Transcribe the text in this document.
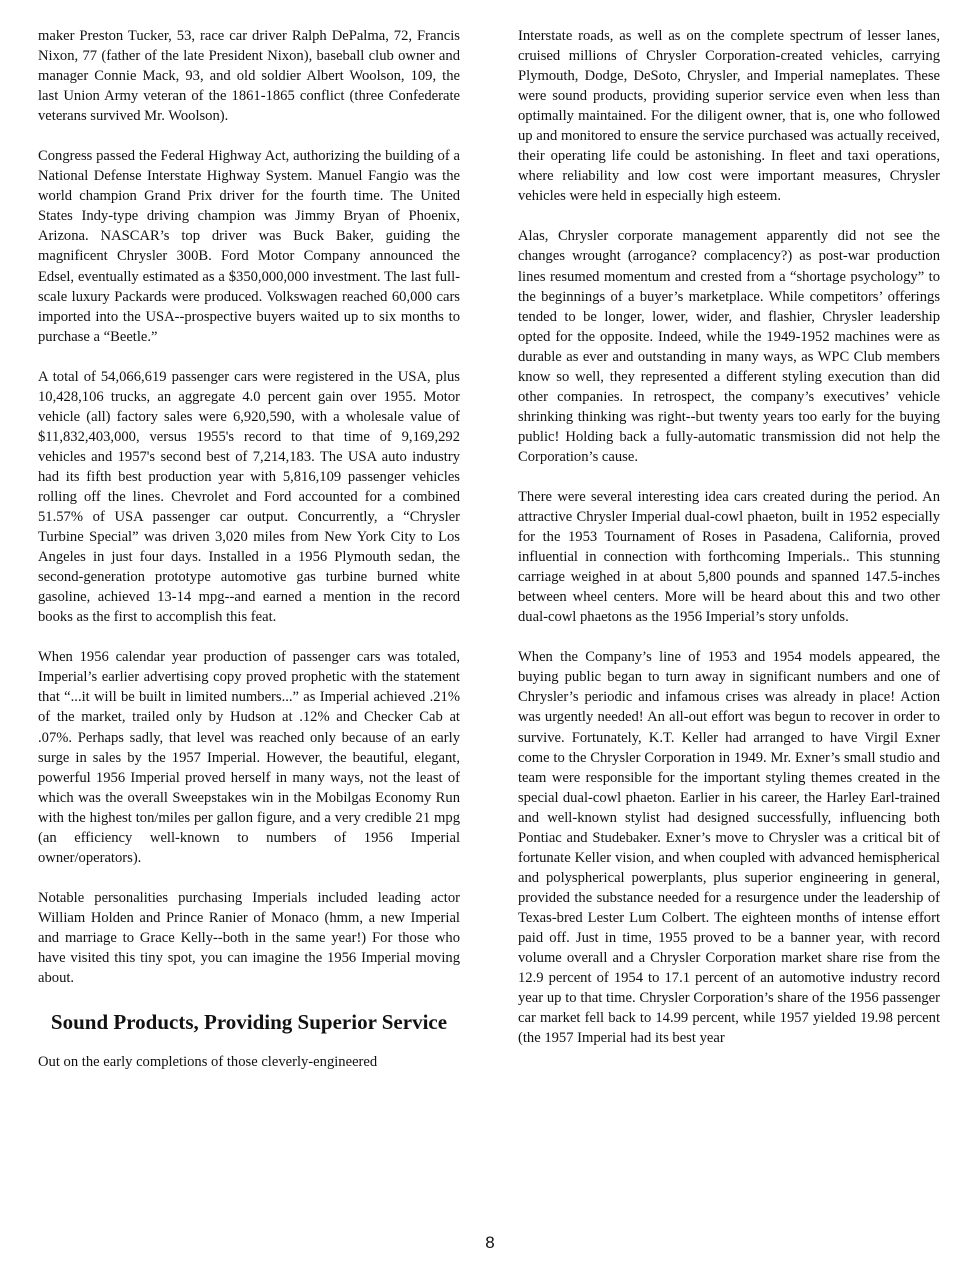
maker Preston Tucker, 53, race car driver Ralph DePalma, 72, Francis Nixon, 77 (father of the late President Nixon), baseball club owner and manager Connie Mack, 93, and old soldier Albert Woolson, 109, the last Union Army veteran of the 1861-1865 conflict (three Confederate veterans survived Mr. Woolson).

Congress passed the Federal Highway Act, authorizing the building of a National Defense Interstate Highway System. Manuel Fangio was the world champion Grand Prix driver for the fourth time. The United States Indy-type driving champion was Jimmy Bryan of Phoenix, Arizona. NASCAR’s top driver was Buck Baker, guiding the magnificent Chrysler 300B. Ford Motor Company announced the Edsel, eventually estimated as a $350,000,000 investment. The last full-scale luxury Packards were produced. Volkswagen reached 60,000 cars imported into the USA--prospective buyers waited up to six months to purchase a “Beetle.”

A total of 54,066,619 passenger cars were registered in the USA, plus 10,428,106 trucks, an aggregate 4.0 percent gain over 1955. Motor vehicle (all) factory sales were 6,920,590, with a wholesale value of $11,832,403,000, versus 1955's record to that time of 9,169,292 vehicles and 1957's second best of 7,214,183. The USA auto industry had its fifth best production year with 5,816,109 passenger vehicles rolling off the lines. Chevrolet and Ford accounted for a combined 51.57% of USA passenger car output. Concurrently, a “Chrysler Turbine Special” was driven 3,020 miles from New York City to Los Angeles in just four days. Installed in a 1956 Plymouth sedan, the second-generation prototype automotive gas turbine burned white gasoline, achieved 13-14 mpg--and earned a mention in the record books as the first to accomplish this feat.

When 1956 calendar year production of passenger cars was totaled, Imperial’s earlier advertising copy proved prophetic with the statement that “...it will be built in limited numbers...” as Imperial achieved .21% of the market, trailed only by Hudson at .12% and Checker Cab at .07%. Perhaps sadly, that level was reached only because of an early surge in sales by the 1957 Imperial. However, the beautiful, elegant, powerful 1956 Imperial proved herself in many ways, not the least of which was the overall Sweepstakes win in the Mobilgas Economy Run with the highest ton/miles per gallon figure, and a very credible 21 mpg (an efficiency well-known to numbers of 1956 Imperial owner/operators).

Notable personalities purchasing Imperials included leading actor William Holden and Prince Ranier of Monaco (hmm, a new Imperial and marriage to Grace Kelly--both in the same year!) For those who have visited this tiny spot, you can imagine the 1956 Imperial moving about.

Sound Products, Providing Superior Service

Out on the early completions of those cleverly-engineered

Interstate roads, as well as on the complete spectrum of lesser lanes, cruised millions of Chrysler Corporation-created vehicles, carrying Plymouth, Dodge, DeSoto, Chrysler, and Imperial nameplates. These were sound products, providing superior service even when less than optimally maintained. For the diligent owner, that is, one who followed up and monitored to ensure the service purchased was actually received, their operating life could be astonishing. In fleet and taxi operations, where reliability and low cost were important measures, Chrysler vehicles were held in especially high esteem.

Alas, Chrysler corporate management apparently did not see the changes wrought (arrogance? complacency?) as post-war production lines resumed momentum and crested from a “shortage psychology” to the beginnings of a buyer’s marketplace. While competitors’ offerings tended to be longer, lower, wider, and flashier, Chrysler leadership opted for the opposite. Indeed, while the 1949-1952 machines were as durable as ever and outstanding in many ways, as WPC Club members know so well, they represented a different styling execution than did other companies. In retrospect, the company’s executives’ vehicle shrinking thinking was right--but twenty years too early for the buying public! Holding back a fully-automatic transmission did not help the Corporation’s cause.

There were several interesting idea cars created during the period. An attractive Chrysler Imperial dual-cowl phaeton, built in 1952 especially for the 1953 Tournament of Roses in Pasadena, California, proved influential in connection with forthcoming Imperials.. This stunning carriage weighed in at about 5,800 pounds and spanned 147.5-inches between wheel centers. More will be heard about this and two other dual-cowl phaetons as the 1956 Imperial’s story unfolds.

When the Company’s line of 1953 and 1954 models appeared, the buying public began to turn away in significant numbers and one of Chrysler’s periodic and infamous crises was already in place! Action was urgently needed! An all-out effort was begun to recover in order to survive. Fortunately, K.T. Keller had arranged to have Virgil Exner come to the Chrysler Corporation in 1949. Mr. Exner’s small studio and team were responsible for the important styling themes created in the special dual-cowl phaeton. Earlier in his career, the Harley Earl-trained and well-known stylist had designed successfully, influencing both Pontiac and Studebaker. Exner’s move to Chrysler was a critical bit of fortunate Keller vision, and when coupled with advanced hemispherical and polyspherical powerplants, plus superior engineering in general, provided the substance needed for a resurgence under the leadership of Texas-bred Lester Lum Colbert. The eighteen months of intense effort paid off. Just in time, 1955 proved to be a banner year, with record volume overall and a Chrysler Corporation market share rise from the 12.9 percent of 1954 to 17.1 percent of an automotive industry record year up to that time. Chrysler Corporation’s share of the 1956 passenger car market fell back to 14.99 percent, while 1957 yielded 19.98 percent (the 1957 Imperial had its best year

8
